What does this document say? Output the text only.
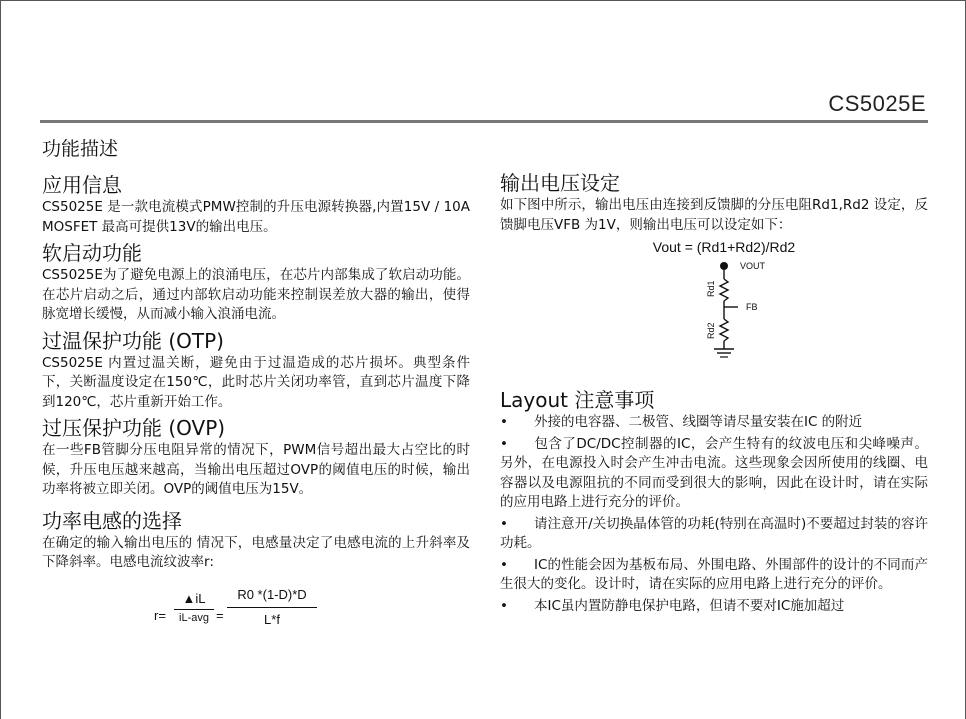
CS5025E
功能描述
应用信息

CS5025E 是一款电流模式PMW控制的升压电源转换器,内置15V / 10A MOSFET 最高可提供13V的输出电压。

软启动功能

CS5025E为了避免电源上的浪涌电压，在芯片内部集成了软启动功能。在芯片启动之后，通过内部软启动功能来控制误差放大器的输出，使得脉宽增长缓慢，从而减小输入浪涌电流。

过温保护功能 (OTP)

CS5025E 内置过温关断，避免由于过温造成的芯片损坏。典型条件下，关断温度设定在150℃，此时芯片关闭功率管，直到芯片温度下降到120℃，芯片重新开始工作。

过压保护功能 (OVP)

在一些FB管脚分压电阻异常的情况下，PWM信号超出最大占空比的时候，升压电压越来越高，当输出电压超过OVP的阈值电压的时候，输出功率将被立即关闭。OVP的阈值电压为15V。

功率电感的选择

在确定的输入输出电压的 情况下，电感量决定了电感电流的上升斜率及下降斜率。电感电流纹波率r:

r=
▲iL
iL-avg =
R0 *(1-D)*D
L*f
输出电压设定

如下图中所示，输出电压由连接到反馈脚的分压电阻Rd1,Rd2 设定，反馈脚电压VFB 为1V，则输出电压可以设定如下：

Vout = (Rd1+Rd2)/Rd2
VOUT
Rd1
FB
Rd2
Layout 注意事项
• 外接的电容器、二极管、线圈等请尽量安装在IC 的附近
• 包含了DC/DC控制器的IC，会产生特有的纹波电压和尖峰噪声。另外，在电源投入时会产生冲击电流。这些现象会因所使用的线圈、电容器以及电源阻抗的不同而受到很大的影响，因此在设计时，请在实际的应用电路上进行充分的评价。
• 请注意开/关切换晶体管的功耗(特别在高温时)不要超过封装的容许功耗。
• IC的性能会因为基板布局、外围电路、外围部件的设计的不同而产生很大的变化。设计时，请在实际的应用电路上进行充分的评价。
• 本IC虽内置防静电保护电路，但请不要对IC施加超过
